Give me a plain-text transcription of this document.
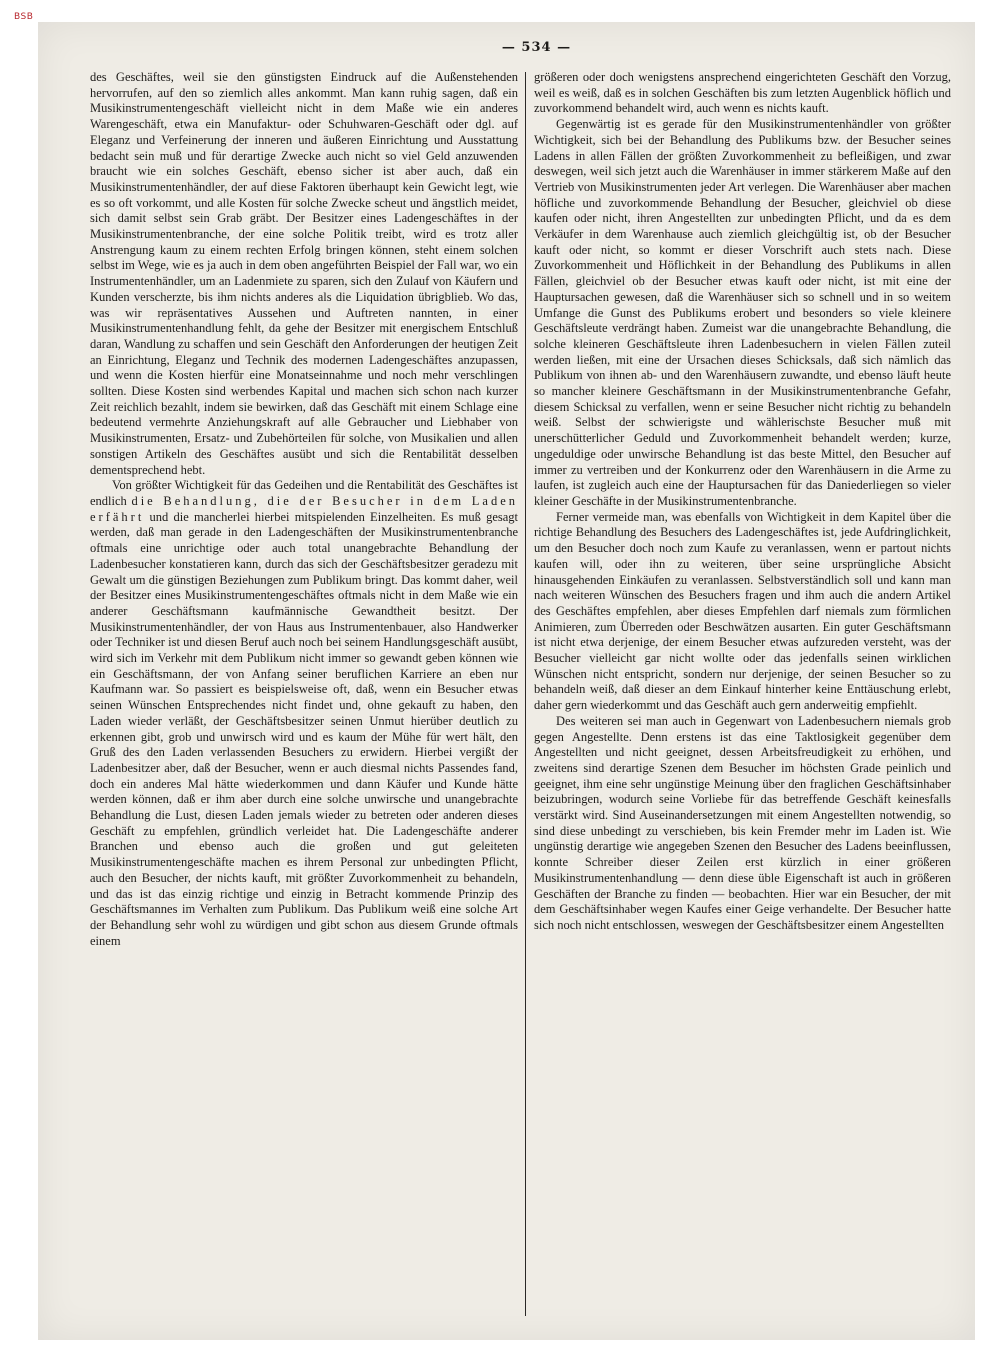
BSB
— 534 —

des Geschäftes, weil sie den günstigsten Eindruck auf die Außenstehenden hervorrufen, auf den so ziemlich alles ankommt. Man kann ruhig sagen, daß ein Musikinstrumentengeschäft vielleicht nicht in dem Maße wie ein anderes Warengeschäft, etwa ein Manufaktur- oder Schuhwaren-Geschäft oder dgl. auf Eleganz und Verfeinerung der inneren und äußeren Einrichtung und Ausstattung bedacht sein muß und für derartige Zwecke auch nicht so viel Geld anzuwenden braucht wie ein solches Geschäft, ebenso sicher ist aber auch, daß ein Musikinstrumentenhändler, der auf diese Faktoren überhaupt kein Gewicht legt, wie es so oft vorkommt, und alle Kosten für solche Zwecke scheut und ängstlich meidet, sich damit selbst sein Grab gräbt. Der Besitzer eines Ladengeschäftes in der Musikinstrumentenbranche, der eine solche Politik treibt, wird es trotz aller Anstrengung kaum zu einem rechten Erfolg bringen können, steht einem solchen selbst im Wege, wie es ja auch in dem oben angeführten Beispiel der Fall war, wo ein Instrumentenhändler, um an Ladenmiete zu sparen, sich den Zulauf von Käufern und Kunden verscherzte, bis ihm nichts anderes als die Liquidation übrigblieb. Wo das, was wir repräsentatives Aussehen und Auftreten nannten, in einer Musikinstrumentenhandlung fehlt, da gehe der Besitzer mit energischem Entschluß daran, Wandlung zu schaffen und sein Geschäft den Anforderungen der heutigen Zeit an Einrichtung, Eleganz und Technik des modernen Ladengeschäftes anzupassen, und wenn die Kosten hierfür eine Monatseinnahme und noch mehr verschlingen sollten. Diese Kosten sind werbendes Kapital und machen sich schon nach kurzer Zeit reichlich bezahlt, indem sie bewirken, daß das Geschäft mit einem Schlage eine bedeutend vermehrte Anziehungskraft auf alle Gebraucher und Liebhaber von Musikinstrumenten, Ersatz- und Zubehörteilen für solche, von Musikalien und allen sonstigen Artikeln des Geschäftes ausübt und sich die Rentabilität desselben dementsprechend hebt.

Von größter Wichtigkeit für das Gedeihen und die Rentabilität des Geschäftes ist endlich die Behandlung, die der Besucher in dem Laden erfährt und die mancherlei hierbei mitspielenden Einzelheiten. Es muß gesagt werden, daß man gerade in den Ladengeschäften der Musikinstrumentenbranche oftmals eine unrichtige oder auch total unangebrachte Behandlung der Ladenbesucher konstatieren kann, durch das sich der Geschäftsbesitzer geradezu mit Gewalt um die günstigen Beziehungen zum Publikum bringt. Das kommt daher, weil der Besitzer eines Musikinstrumentengeschäftes oftmals nicht in dem Maße wie ein anderer Geschäftsmann kaufmännische Gewandtheit besitzt. Der Musikinstrumentenhändler, der von Haus aus Instrumentenbauer, also Handwerker oder Techniker ist und diesen Beruf auch noch bei seinem Handlungsgeschäft ausübt, wird sich im Verkehr mit dem Publikum nicht immer so gewandt geben können wie ein Geschäftsmann, der von Anfang seiner beruflichen Karriere an eben nur Kaufmann war. So passiert es beispielsweise oft, daß, wenn ein Besucher etwas seinen Wünschen Entsprechendes nicht findet und, ohne gekauft zu haben, den Laden wieder verläßt, der Geschäftsbesitzer seinen Unmut hierüber deutlich zu erkennen gibt, grob und unwirsch wird und es kaum der Mühe für wert hält, den Gruß des den Laden verlassenden Besuchers zu erwidern. Hierbei vergißt der Ladenbesitzer aber, daß der Besucher, wenn er auch diesmal nichts Passendes fand, doch ein anderes Mal hätte wiederkommen und dann Käufer und Kunde hätte werden können, daß er ihm aber durch eine solche unwirsche und unangebrachte Behandlung die Lust, diesen Laden jemals wieder zu betreten oder anderen dieses Geschäft zu empfehlen, gründlich verleidet hat. Die Ladengeschäfte anderer Branchen und ebenso auch die großen und gut geleiteten Musikinstrumentengeschäfte machen es ihrem Personal zur unbedingten Pflicht, auch den Besucher, der nichts kauft, mit größter Zuvorkommenheit zu behandeln, und das ist das einzig richtige und einzig in Betracht kommende Prinzip des Geschäftsmannes im Verhalten zum Publikum. Das Publikum weiß eine solche Art der Behandlung sehr wohl zu würdigen und gibt schon aus diesem Grunde oftmals einem

größeren oder doch wenigstens ansprechend eingerichteten Geschäft den Vorzug, weil es weiß, daß es in solchen Geschäften bis zum letzten Augenblick höflich und zuvorkommend behandelt wird, auch wenn es nichts kauft.

Gegenwärtig ist es gerade für den Musikinstrumentenhändler von größter Wichtigkeit, sich bei der Behandlung des Publikums bzw. der Besucher seines Ladens in allen Fällen der größten Zuvorkommenheit zu befleißigen, und zwar deswegen, weil sich jetzt auch die Warenhäuser in immer stärkerem Maße auf den Vertrieb von Musikinstrumenten jeder Art verlegen. Die Warenhäuser aber machen höfliche und zuvorkommende Behandlung der Besucher, gleichviel ob diese kaufen oder nicht, ihren Angestellten zur unbedingten Pflicht, und da es dem Verkäufer in dem Warenhause auch ziemlich gleichgültig ist, ob der Besucher kauft oder nicht, so kommt er dieser Vorschrift auch stets nach. Diese Zuvorkommenheit und Höflichkeit in der Behandlung des Publikums in allen Fällen, gleichviel ob der Besucher etwas kauft oder nicht, ist mit eine der Hauptursachen gewesen, daß die Warenhäuser sich so schnell und in so weitem Umfange die Gunst des Publikums erobert und besonders so viele kleinere Geschäftsleute verdrängt haben. Zumeist war die unangebrachte Behandlung, die solche kleineren Geschäftsleute ihren Ladenbesuchern in vielen Fällen zuteil werden ließen, mit eine der Ursachen dieses Schicksals, daß sich nämlich das Publikum von ihnen ab- und den Warenhäusern zuwandte, und ebenso läuft heute so mancher kleinere Geschäftsmann in der Musikinstrumentenbranche Gefahr, diesem Schicksal zu verfallen, wenn er seine Besucher nicht richtig zu behandeln weiß. Selbst der schwierigste und wählerischste Besucher muß mit unerschütterlicher Geduld und Zuvorkommenheit behandelt werden; kurze, ungeduldige oder unwirsche Behandlung ist das beste Mittel, den Besucher auf immer zu vertreiben und der Konkurrenz oder den Warenhäusern in die Arme zu laufen, ist zugleich auch eine der Hauptursachen für das Daniederliegen so vieler kleiner Geschäfte in der Musikinstrumentenbranche.

Ferner vermeide man, was ebenfalls von Wichtigkeit in dem Kapitel über die richtige Behandlung des Besuchers des Ladengeschäftes ist, jede Aufdringlichkeit, um den Besucher doch noch zum Kaufe zu veranlassen, wenn er partout nichts kaufen will, oder ihn zu weiteren, über seine ursprüngliche Absicht hinausgehenden Einkäufen zu veranlassen. Selbstverständlich soll und kann man nach weiteren Wünschen des Besuchers fragen und ihm auch die andern Artikel des Geschäftes empfehlen, aber dieses Empfehlen darf niemals zum förmlichen Animieren, zum Überreden oder Beschwätzen ausarten. Ein guter Geschäftsmann ist nicht etwa derjenige, der einem Besucher etwas aufzureden versteht, was der Besucher vielleicht gar nicht wollte oder das jedenfalls seinen wirklichen Wünschen nicht entspricht, sondern nur derjenige, der seinen Besucher so zu behandeln weiß, daß dieser an dem Einkauf hinterher keine Enttäuschung erlebt, daher gern wiederkommt und das Geschäft auch gern anderweitig empfiehlt.

Des weiteren sei man auch in Gegenwart von Ladenbesuchern niemals grob gegen Angestellte. Denn erstens ist das eine Taktlosigkeit gegenüber dem Angestellten und nicht geeignet, dessen Arbeitsfreudigkeit zu erhöhen, und zweitens sind derartige Szenen dem Besucher im höchsten Grade peinlich und geeignet, ihm eine sehr ungünstige Meinung über den fraglichen Geschäftsinhaber beizubringen, wodurch seine Vorliebe für das betreffende Geschäft keinesfalls verstärkt wird. Sind Auseinandersetzungen mit einem Angestellten notwendig, so sind diese unbedingt zu verschieben, bis kein Fremder mehr im Laden ist. Wie ungünstig derartige wie angegeben Szenen den Besucher des Ladens beeinflussen, konnte Schreiber dieser Zeilen erst kürzlich in einer größeren Musikinstrumentenhandlung — denn diese üble Eigenschaft ist auch in größeren Geschäften der Branche zu finden — beobachten. Hier war ein Besucher, der mit dem Geschäftsinhaber wegen Kaufes einer Geige verhandelte. Der Besucher hatte sich noch nicht entschlossen, weswegen der Geschäftsbesitzer einem Angestellten
